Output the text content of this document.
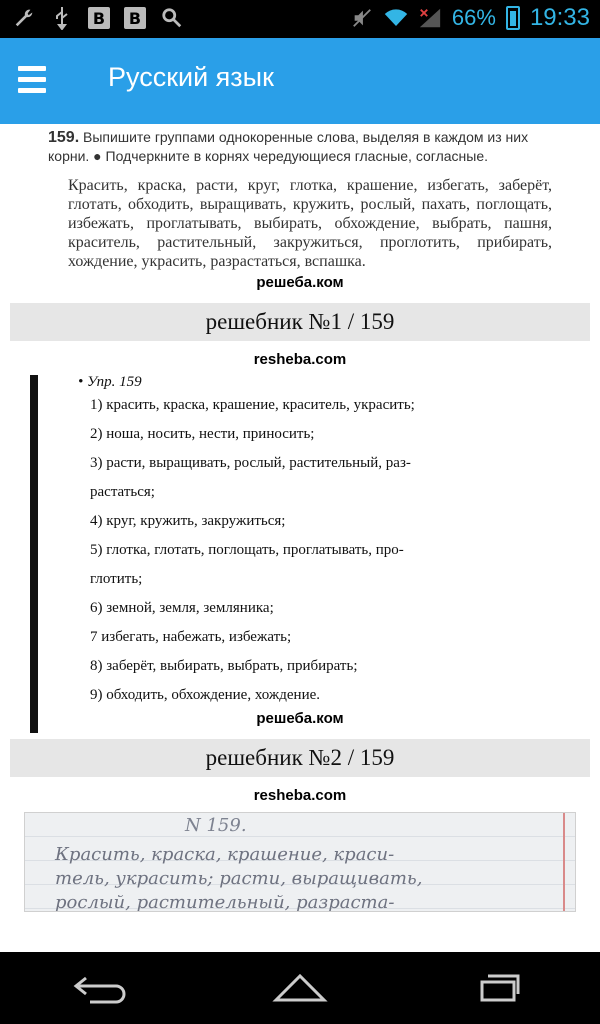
B	B	66% 19:33
Русский язык
159. Выпишите группами однокоренные слова, выделяя в каждом из них корни. ● Подчеркните в корнях чередующиеся гласные, согласные.
Красить, краска, расти, круг, глотка, крашение, избегать, заберёт, глотать, обходить, выращивать, кружить, рослый, пахать, поглощать, избежать, проглатывать, выбирать, обхождение, выбрать, пашня, краситель, растительный, закружиться, проглотить, прибирать, хождение, украсить, разрастаться, вспашка.
решеба.ком
решебник №1 / 159
resheba.com
• Упр. 159
1) красить, краска, крашение, краситель, украсить;
2) ноша, носить, нести, приносить;
3) расти, выращивать, рослый, растительный, раз-
растаться;
4) круг, кружить, закружиться;
5) глотка, глотать, поглощать, проглатывать, про-
глотить;
6) земной, земля, земляника;
7 избегать, набежать, избежать;
8) заберёт, выбирать, выбрать, прибирать;
9) обходить, обхождение, хождение.
решеба.ком
решебник №2 / 159
resheba.com
N 159.
Красить, краска, крашение, краси-
тель, украсить; расти, выращивать,
рослый, растительный, разраста-
